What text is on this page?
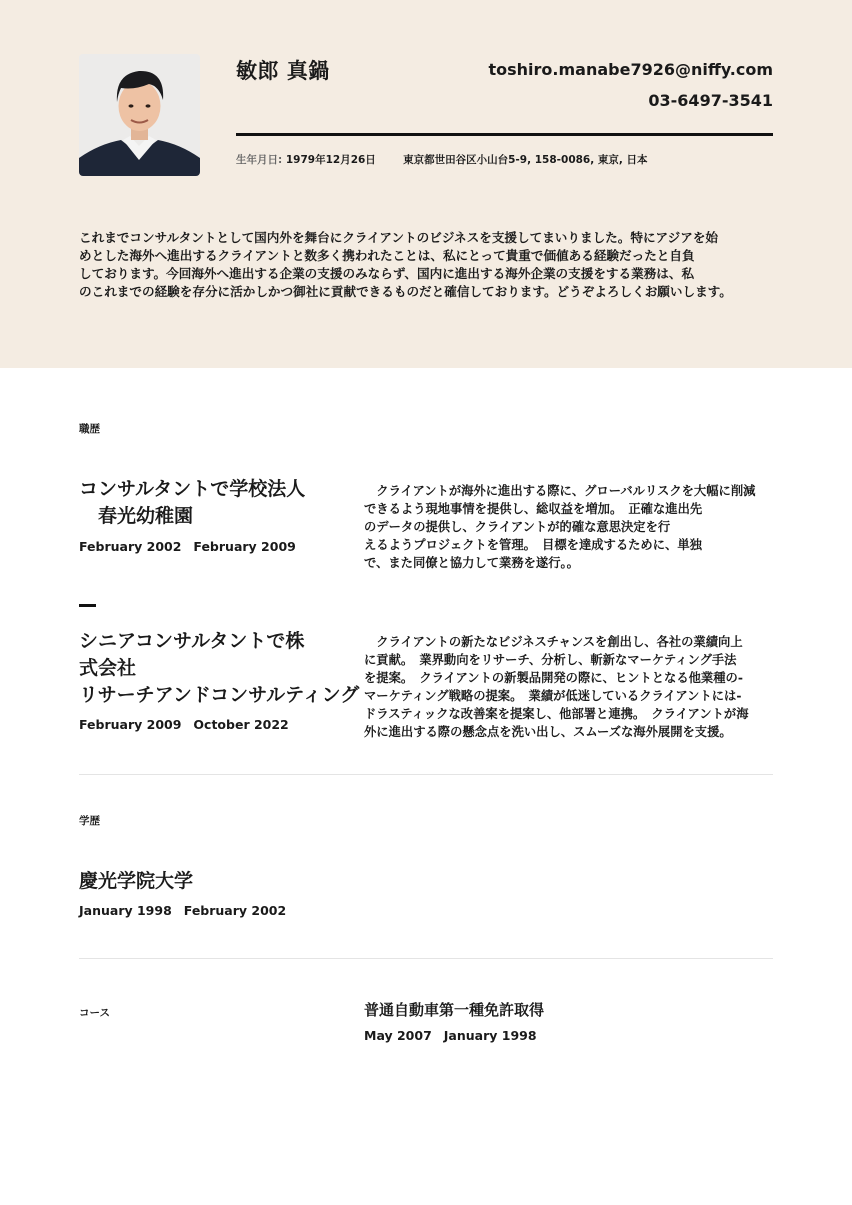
敏郎 真鍋	toshiro.manabe7926@niffy.com
03-6497-3541
生年月日: 1979年12月26日	東京都世田谷区小山台5-9, 158-0086, 東京, 日本
これまでコンサルタントとして国内外を舞台にクライアントのビジネスを支援してまいりました。特にアジアを始
めとした海外へ進出するクライアントと数多く携われたことは、私にとって貴重で価値ある経験だったと自負
しております。今回海外へ進出する企業の支援のみならず、国内に進出する海外企業の支援をする業務は、私
のこれまでの経験を存分に活かしかつ御社に貢献できるものだと確信しております。どうぞよろしくお願いします。
職歴
コンサルタントで学校法人
　春光幼稚園
February 2002 February 2009
　クライアントが海外に進出する際に、グローバルリスクを大幅に削減
できるよう現地事情を提供し、総収益を増加。　正確な進出先
のデータの提供し、クライアントが的確な意思決定を行
えるようプロジェクトを管理。　目標を達成するために、単独
で、また同僚と協力して業務を遂行。。
シニアコンサルタントで株
式会社
リサーチアンドコンサルティング
February 2009 October 2022
　クライアントの新たなビジネスチャンスを創出し、各社の業績向上
に貢献。　業界動向をリサーチ、分析し、斬新なマーケティング手法
を提案。　クライアントの新製品開発の際に、ヒントとなる他業種の-
マーケティング戦略の提案。　業績が低迷しているクライアントには-
ドラスティックな改善案を提案し、他部署と連携。　クライアントが海
外に進出する際の懸念点を洗い出し、スムーズな海外展開を支援。
学歴
慶光学院大学
January 1998 February 2002
コース	普通自動車第一種免許取得
May 2007 January 1998
